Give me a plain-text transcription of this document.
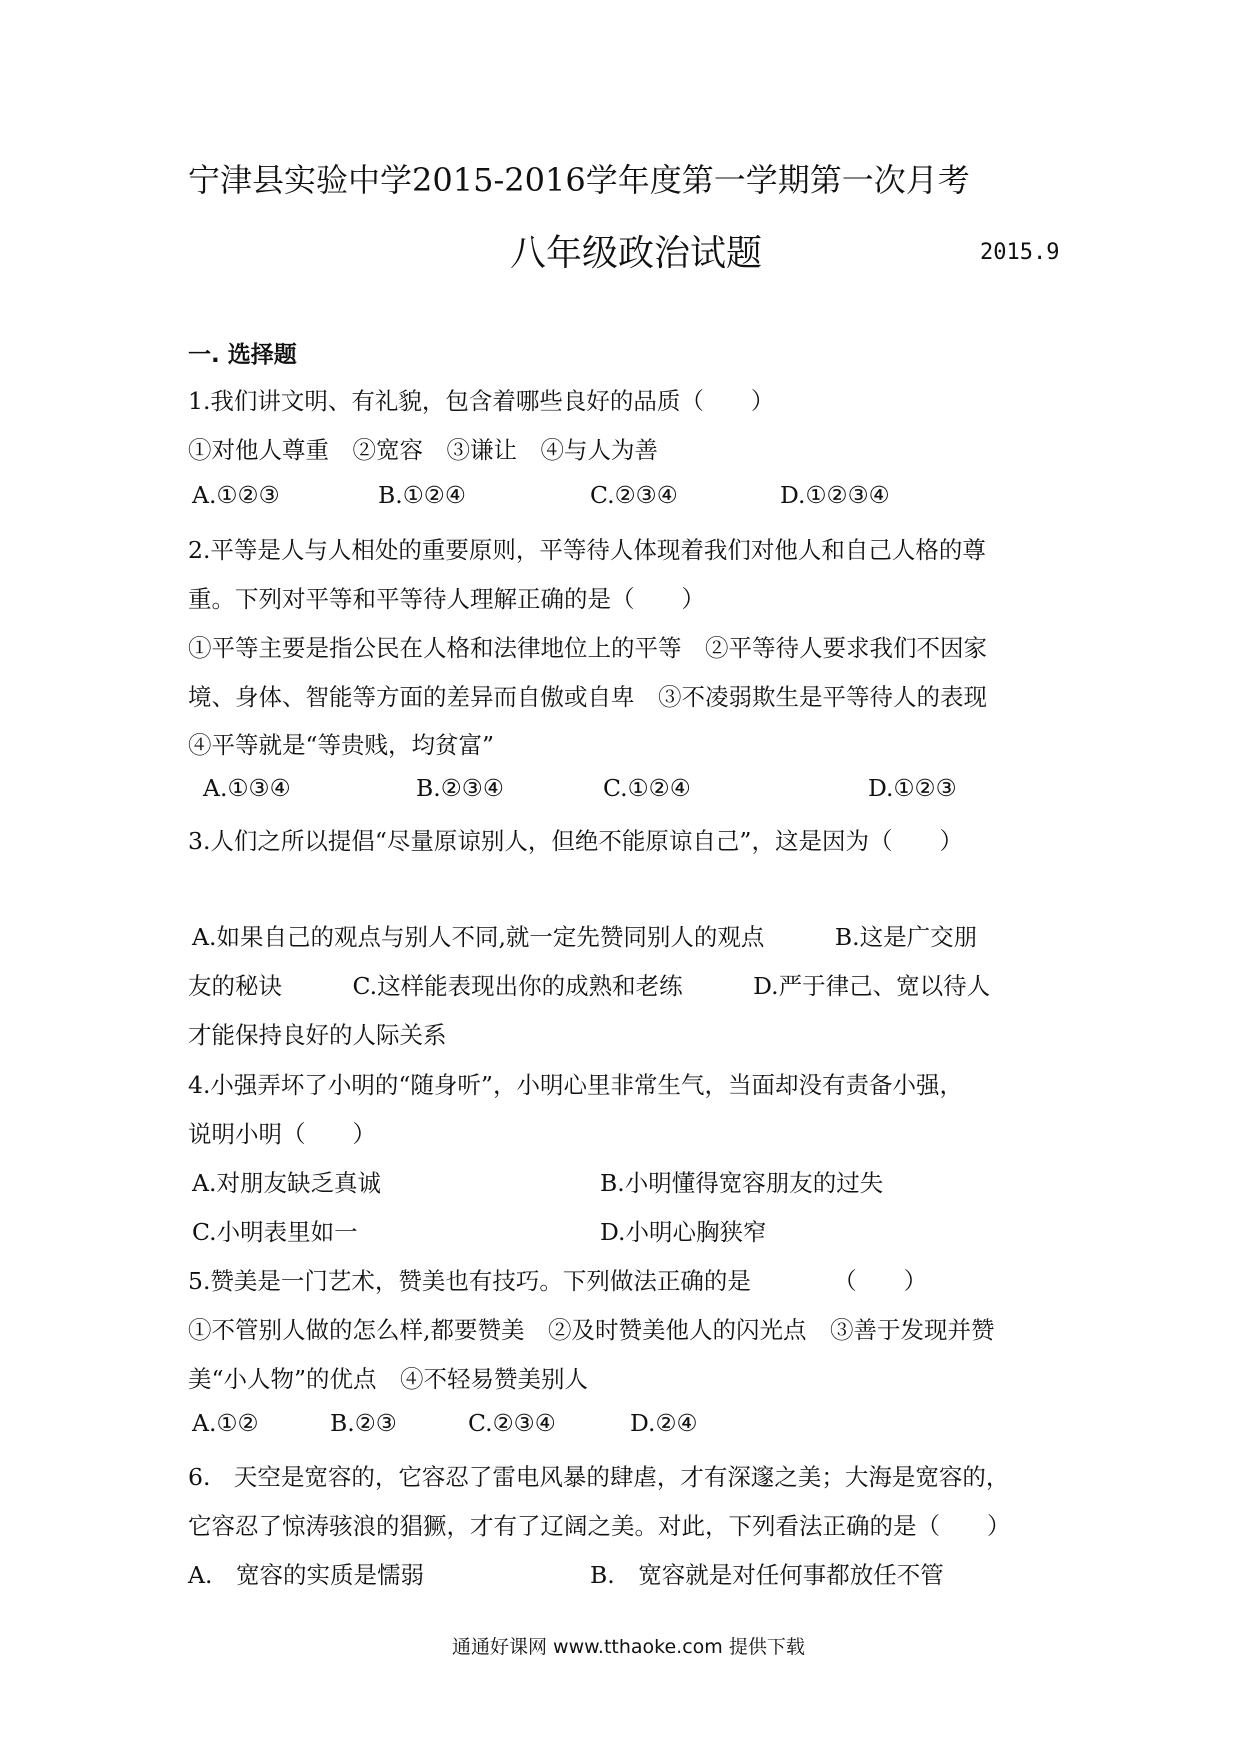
宁津县实验中学2015-2016学年度第一学期第一次月考
八年级政治试题	2015.9
一. 选择题
1.我们讲文明、有礼貌，包含着哪些良好的品质（　　）
①对他人尊重　②宽容　③谦让　④与人为善
A.①②③	B.①②④	C.②③④	D.①②③④
2.平等是人与人相处的重要原则，平等待人体现着我们对他人和自己人格的尊
重。下列对平等和平等待人理解正确的是（　　）
①平等主要是指公民在人格和法律地位上的平等　②平等待人要求我们不因家
境、身体、智能等方面的差异而自傲或自卑　③不凌弱欺生是平等待人的表现
④平等就是“等贵贱，均贫富”
A.①③④	B.②③④	C.①②④	D.①②③
3.人们之所以提倡“尽量原谅别人，但绝不能原谅自己”，这是因为（　　）
A.如果自己的观点与别人不同,就一定先赞同别人的观点　　　B.这是广交朋
友的秘诀　　　C.这样能表现出你的成熟和老练　　　D.严于律己、宽以待人
才能保持良好的人际关系
4.小强弄坏了小明的“随身听”，小明心里非常生气，当面却没有责备小强，
说明小明（　　）
A.对朋友缺乏真诚	B.小明懂得宽容朋友的过失
C.小明表里如一	D.小明心胸狭窄
5.赞美是一门艺术，赞美也有技巧。下列做法正确的是　　　　（　　）
①不管别人做的怎么样,都要赞美　②及时赞美他人的闪光点　③善于发现并赞
美“小人物”的优点　④不轻易赞美别人
A.①②	B.②③	C.②③④	D.②④
6.　天空是宽容的，它容忍了雷电风暴的肆虐，才有深邃之美；大海是宽容的，
它容忍了惊涛骇浪的猖獗，才有了辽阔之美。对此，下列看法正确的是（　　）
A.　宽容的实质是懦弱	B.　宽容就是对任何事都放任不管
通通好课网 www.tthaoke.com 提供下载
